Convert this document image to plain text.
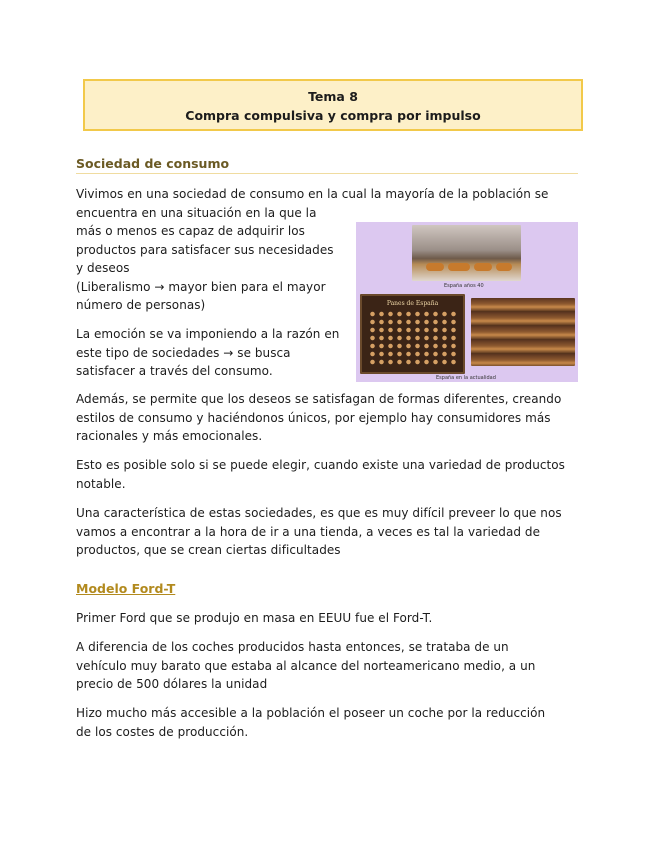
Tema 8
Compra compulsiva y compra por impulso
Sociedad de consumo
Vivimos en una sociedad de consumo en la cual la mayoría de la población se
encuentra en una situación en la que la
más o menos es capaz de adquirir los
productos para satisfacer sus necesidades
y deseos
(Liberalismo → mayor bien para el mayor
número de personas)
La emoción se va imponiendo a la razón en
este tipo de sociedades → se busca
satisfacer a través del consumo.
España años 40
Panes de España
España en la actualidad
Además, se permite que los deseos se satisfagan de formas diferentes, creando
estilos de consumo y haciéndonos únicos, por ejemplo hay consumidores más
racionales y más emocionales.
Esto es posible solo si se puede elegir, cuando existe una variedad de productos
notable.
Una característica de estas sociedades, es que es muy difícil preveer lo que nos
vamos a encontrar a la hora de ir a una tienda, a veces es tal la variedad de
productos, que se crean ciertas dificultades
Modelo Ford-T
Primer Ford que se produjo en masa en EEUU fue el Ford-T.
A diferencia de los coches producidos hasta entonces, se trataba de un
vehículo muy barato que estaba al alcance del norteamericano medio, a un
precio de 500 dólares la unidad
Hizo mucho más accesible a la población el poseer un coche por la reducción
de los costes de producción.
